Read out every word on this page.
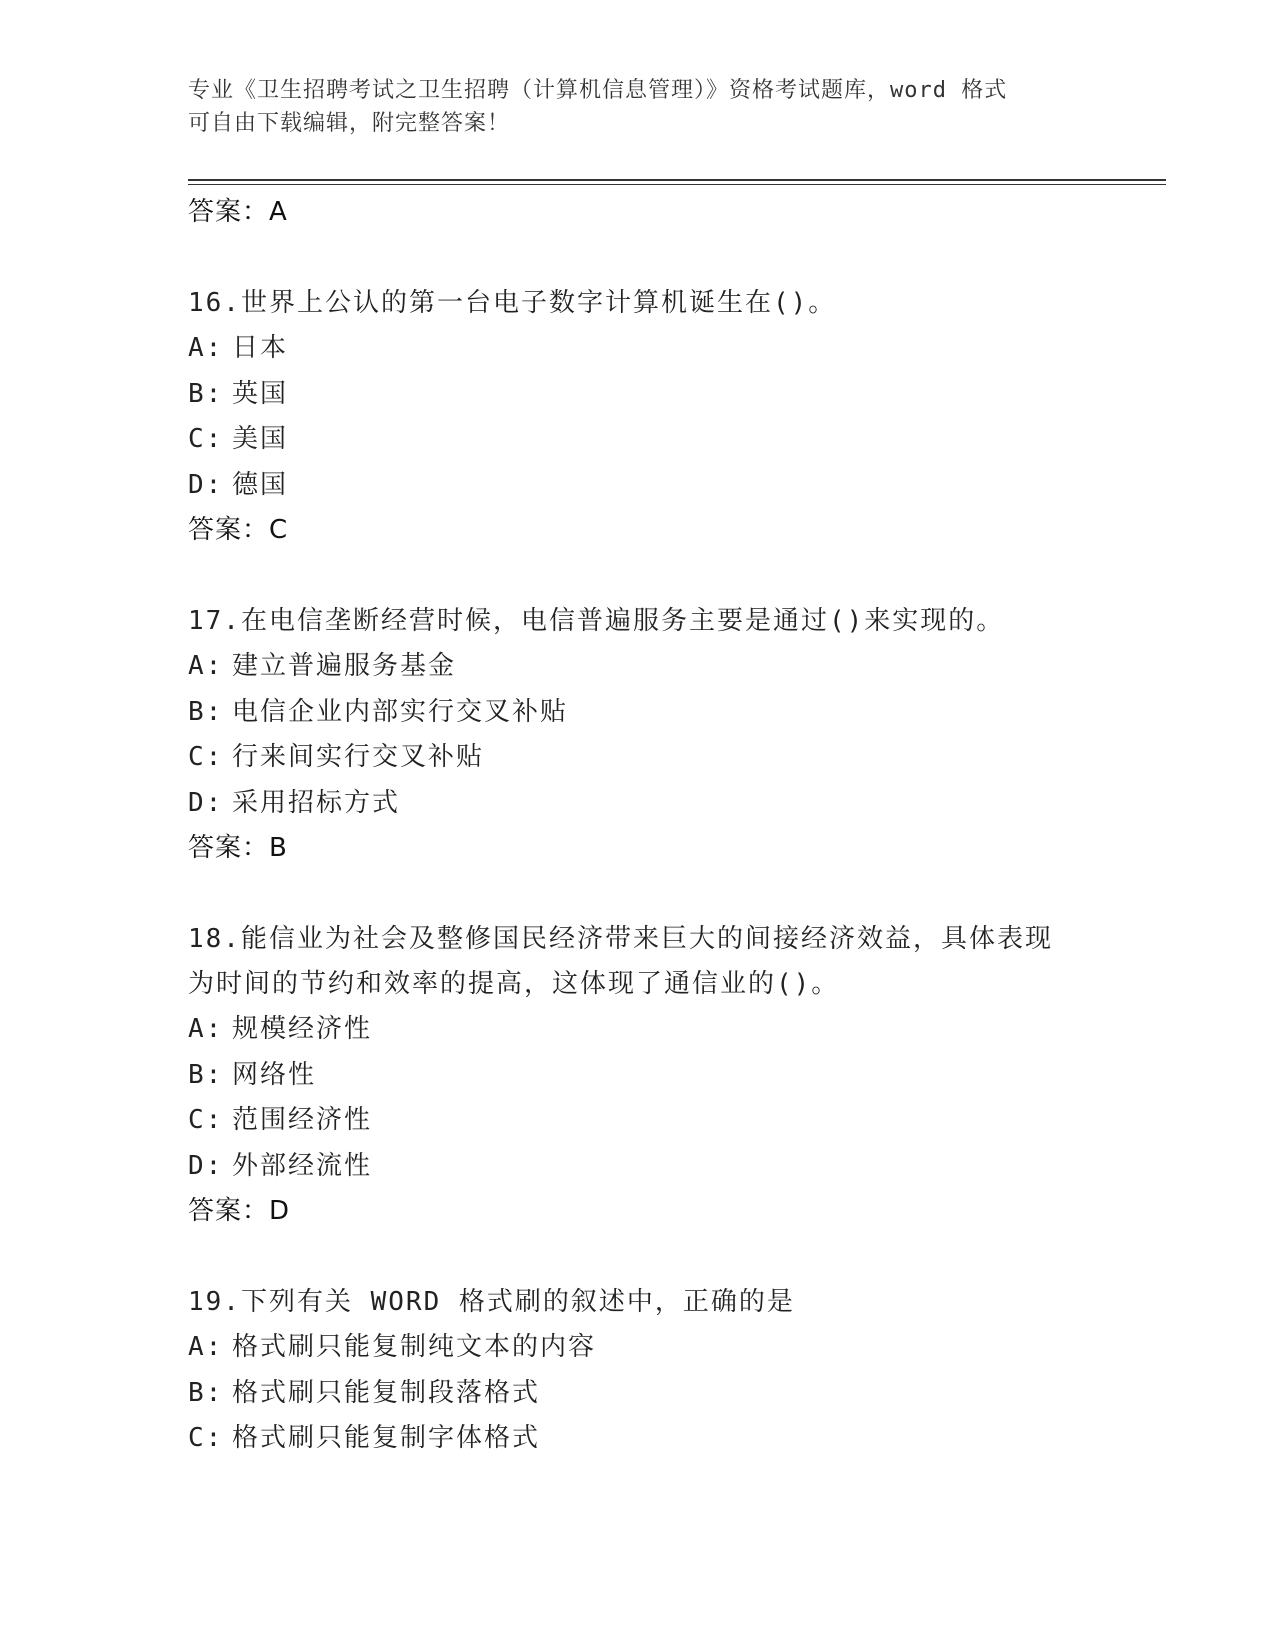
专业《卫生招聘考试之卫生招聘（计算机信息管理）》资格考试题库，word 格式
可自由下载编辑，附完整答案！
答案：A
16.世界上公认的第一台电子数字计算机诞生在()。
A: 日本
B: 英国
C: 美国
D: 德国
答案：C
17.在电信垄断经营时候，电信普遍服务主要是通过()来实现的。
A: 建立普遍服务基金
B: 电信企业内部实行交叉补贴
C: 行来间实行交叉补贴
D: 采用招标方式
答案：B
18.能信业为社会及整修国民经济带来巨大的间接经济效益，具体表现
为时间的节约和效率的提高，这体现了通信业的()。
A: 规模经济性
B: 网络性
C: 范围经济性
D: 外部经流性
答案：D
19.下列有关 WORD 格式刷的叙述中，正确的是
A: 格式刷只能复制纯文本的内容
B: 格式刷只能复制段落格式
C: 格式刷只能复制字体格式
